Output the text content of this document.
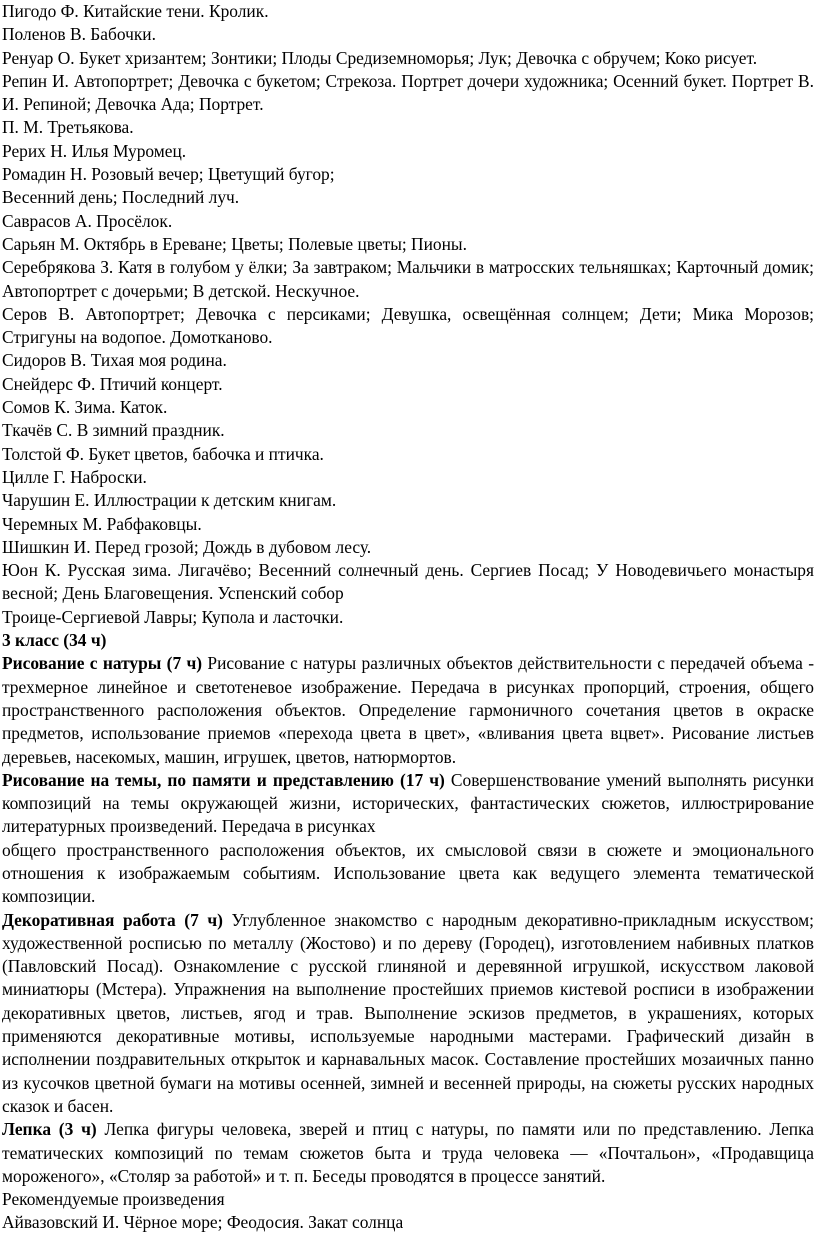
Пигодо Ф. Китайские тени. Кролик.
Поленов В. Бабочки.

Ренуар О. Букет хризантем; Зонтики; Плоды Средиземноморья; Лук; Девочка с обручем; Коко рисует.

Репин И. Автопортрет; Девочка с букетом; Стрекоза. Портрет дочери художника; Осенний букет. Портрет В. И. Репиной; Девочка Ада; Портрет.

П. М. Третьякова.
Рерих Н. Илья Муромец.
Ромадин Н. Розовый вечер; Цветущий бугор;
Весенний день; Последний луч.
Саврасов А. Просёлок.
Сарьян М. Октябрь в Ереване; Цветы; Полевые цветы; Пионы.

Серебрякова З. Катя в голубом у ёлки; За завтраком; Мальчики в матросских тельняшках; Карточный домик; Автопортрет с дочерьми; В детской. Нескучное.

Серов В. Автопортрет; Девочка с персиками; Девушка, освещённая солнцем; Дети; Мика Морозов; Стригуны на водопое. Домотканово.

Сидоров В. Тихая моя родина.
Снейдерс Ф. Птичий концерт.
Сомов К. Зима. Каток.
Ткачёв С. В зимний праздник.
Толстой Ф. Букет цветов, бабочка и птичка.
Цилле Г. Наброски.
Чарушин Е. Иллюстрации к детским книгам.
Черемных М. Рабфаковцы.
Шишкин И. Перед грозой; Дождь в дубовом лесу.

Юон К. Русская зима. Лигачёво; Весенний солнечный день. Сергиев Посад; У Новодевичьего монастыря весной; День Благовещения. Успенский собор

Троице-Сергиевой Лавры; Купола и ласточки.
3 класс (34 ч)

Рисование с натуры (7 ч) Рисование с натуры различных объектов действительности с передачей объема - трехмерное линейное и светотеневое изображение. Передача в рисунках пропорций, строения, общего пространственного расположения объектов. Определение гармоничного сочетания цветов в окраске предметов, использование приемов «перехода цвета в цвет», «вливания цвета вцвет». Рисование листьев деревьев, насекомых, машин, игрушек, цветов, натюрмортов.

Рисование на темы, по памяти и представлению (17 ч) Совершенствование умений выполнять рисунки композиций на темы окружающей жизни, исторических, фантастических сюжетов, иллюстрирование литературных произведений. Передача в рисунках

общего пространственного расположения объектов, их смысловой связи в сюжете и эмоционального отношения к изображаемым событиям. Использование цвета как ведущего элемента тематической композиции.

Декоративная работа (7 ч) Углубленное знакомство с народным декоративно-прикладным искусством; художественной росписью по металлу (Жостово) и по дереву (Городец), изготовлением набивных платков (Павловский Посад). Ознакомление с русской глиняной и деревянной игрушкой, искусством лаковой миниатюры (Мстера). Упражнения на выполнение простейших приемов кистевой росписи в изображении декоративных цветов, листьев, ягод и трав. Выполнение эскизов предметов, в украшениях, которых применяются декоративные мотивы, используемые народными мастерами. Графический дизайн в исполнении поздравительных открыток и карнавальных масок. Составление простейших мозаичных панно из кусочков цветной бумаги на мотивы осенней, зимней и весенней природы, на сюжеты русских народных сказок и басен.

Лепка (3 ч) Лепка фигуры человека, зверей и птиц с натуры, по памяти или по представлению. Лепка тематических композиций по темам сюжетов быта и труда человека — «Почтальон», «Продавщица мороженого», «Столяр за работой» и т. п. Беседы проводятся в процессе занятий.

Рекомендуемые произведения
Айвазовский И. Чёрное море; Феодосия. Закат солнца
